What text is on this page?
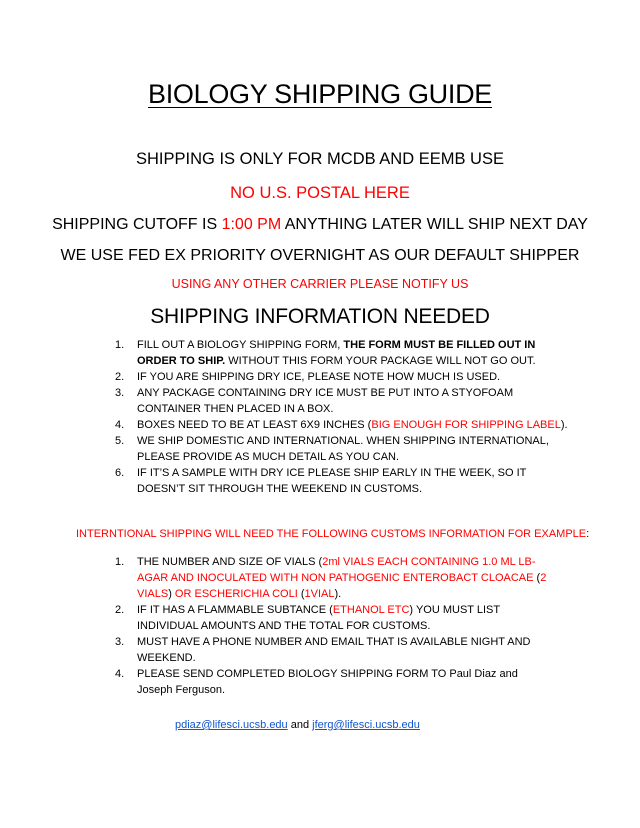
BIOLOGY SHIPPING GUIDE
SHIPPING IS ONLY FOR MCDB AND EEMB USE
NO U.S. POSTAL HERE
SHIPPING CUTOFF IS 1:00 PM ANYTHING LATER WILL SHIP NEXT DAY
WE USE FED EX PRIORITY OVERNIGHT AS OUR DEFAULT SHIPPER
USING ANY OTHER CARRIER PLEASE NOTIFY US
SHIPPING INFORMATION NEEDED
1. FILL OUT A BIOLOGY SHIPPING FORM, THE FORM MUST BE FILLED OUT IN ORDER TO SHIP. WITHOUT THIS FORM YOUR PACKAGE WILL NOT GO OUT.
2. IF YOU ARE SHIPPING DRY ICE, PLEASE NOTE HOW MUCH IS USED.
3. ANY PACKAGE CONTAINING DRY ICE MUST BE PUT INTO A STYOFOAM CONTAINER THEN PLACED IN A BOX.
4. BOXES NEED TO BE AT LEAST 6X9 INCHES (BIG ENOUGH FOR SHIPPING LABEL).
5. WE SHIP DOMESTIC AND INTERNATIONAL. WHEN SHIPPING INTERNATIONAL, PLEASE PROVIDE AS MUCH DETAIL AS YOU CAN.
6. IF IT’S A SAMPLE WITH DRY ICE PLEASE SHIP EARLY IN THE WEEK, SO IT DOESN’T SIT THROUGH THE WEEKEND IN CUSTOMS.
INTERNTIONAL SHIPPING WILL NEED THE FOLLOWING CUSTOMS INFORMATION FOR EXAMPLE:
1. THE NUMBER AND SIZE OF VIALS (2ml VIALS EACH CONTAINING 1.0 ML LB-AGAR AND INOCULATED WITH NON PATHOGENIC ENTEROBACT CLOACAE (2 VIALS) OR ESCHERICHIA COLI (1VIAL).
2. IF IT HAS A FLAMMABLE SUBTANCE (ETHANOL ETC) YOU MUST LIST INDIVIDUAL AMOUNTS AND THE TOTAL FOR CUSTOMS.
3. MUST HAVE A PHONE NUMBER AND EMAIL THAT IS AVAILABLE NIGHT AND WEEKEND.
4. PLEASE SEND COMPLETED BIOLOGY SHIPPING FORM TO Paul Diaz and Joseph Ferguson.
pdiaz@lifesci.ucsb.edu and jferg@lifesci.ucsb.edu
